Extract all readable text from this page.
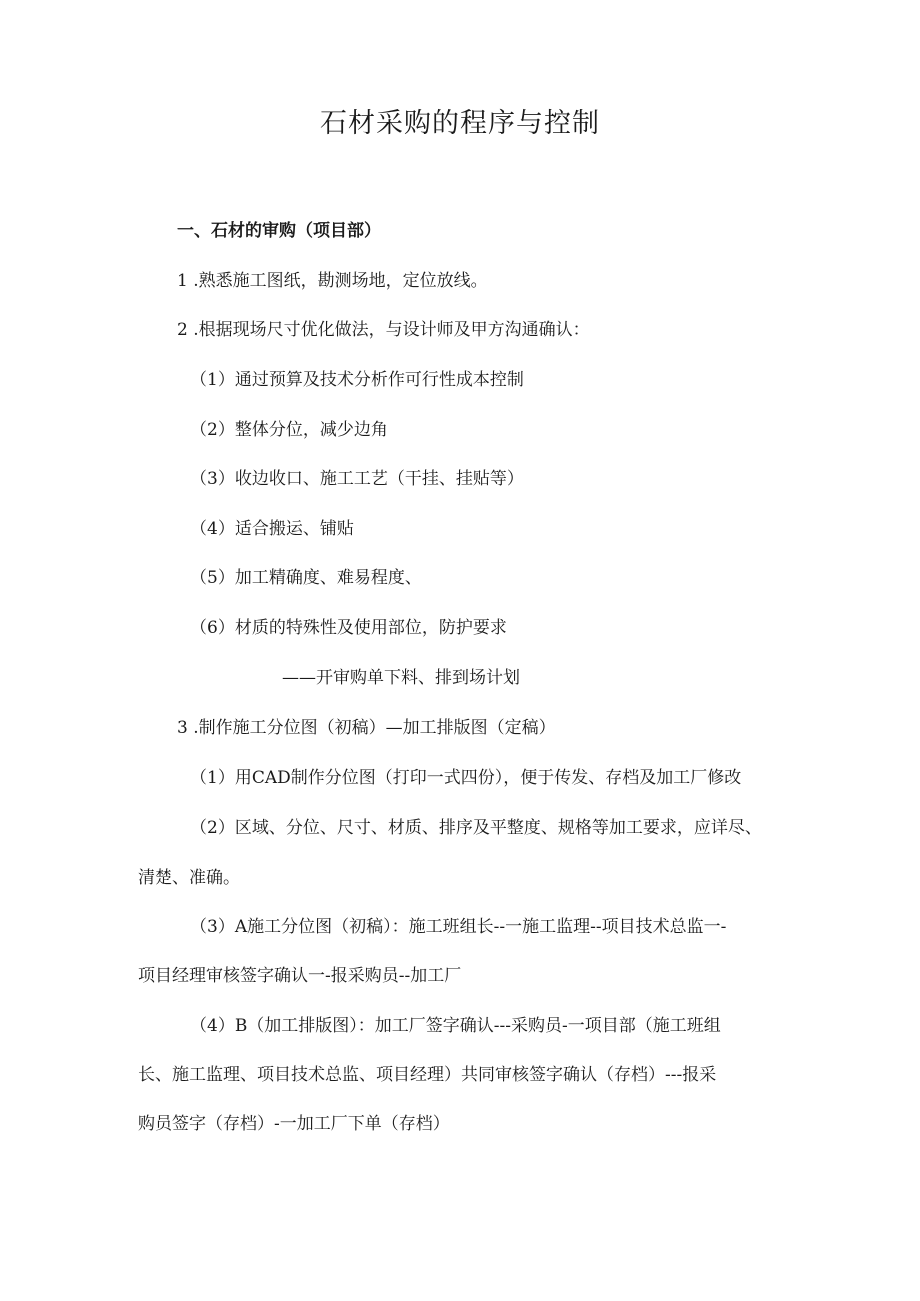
石材采购的程序与控制

一、石材的审购（项目部）

1 .熟悉施工图纸，勘测场地，定位放线。

2 .根据现场尺寸优化做法，与设计师及甲方沟通确认：

（1）通过预算及技术分析作可行性成本控制

（2）整体分位，减少边角

（3）收边收口、施工工艺（干挂、挂贴等）

（4）适合搬运、铺贴

（5）加工精确度、难易程度、

（6）材质的特殊性及使用部位，防护要求

——开审购单下料、排到场计划

3 .制作施工分位图（初稿）—加工排版图（定稿）

（1）用CAD制作分位图（打印一式四份），便于传发、存档及加工厂修改

（2）区域、分位、尺寸、材质、排序及平整度、规格等加工要求，应详尽、

清楚、准确。

（3）A施工分位图（初稿）：施工班组长--一施工监理--项目技术总监一-

项目经理审核签字确认一-报采购员--加工厂

（4）B（加工排版图）：加工厂签字确认---采购员-一项目部（施工班组

长、施工监理、项目技术总监、项目经理）共同审核签字确认（存档）---报采

购员签字（存档）-一加工厂下单（存档）
